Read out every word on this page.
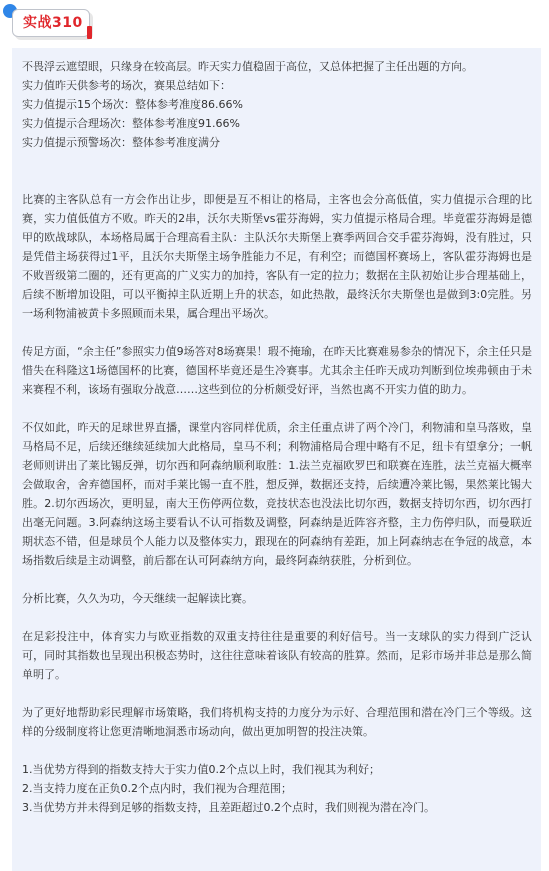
实战310

不畏浮云遮望眼，只缘身在较高层。昨天实力值稳固于高位，又总体把握了主任出题的方向。

实力值昨天供参考的场次，赛果总结如下：

实力值提示15个场次：整体参考准度86.66%

实力值提示合理场次：整体参考准度91.66%

实力值提示预警场次：整体参考准度满分

比赛的主客队总有一方会作出让步，即便是互不相让的格局，主客也会分高低值，实力值提示合理的比赛，实力值低值方不败。昨天的2串，沃尔夫斯堡vs霍芬海姆，实力值提示格局合理。毕竟霍芬海姆是德甲的欧战球队，本场格局属于合理高看主队：主队沃尔夫斯堡上赛季两回合交手霍芬海姆，没有胜过，只是凭借主场获得过1平，且沃尔夫斯堡主场争胜能力不足，有利空；而德国杯赛场上，客队霍芬海姆也是不败晋级第二圈的，还有更高的广义实力的加持，客队有一定的拉力；数据在主队初始让步合理基础上，后续不断增加设阻，可以平衡掉主队近期上升的状态，如此热散，最终沃尔夫斯堡也是做到3:0完胜。另一场利物浦被黄卡多照顾而未果，属合理出平场次。

传足方面，“余主任”参照实力值9场答对8场赛果！瑕不掩瑜，在昨天比赛难易参杂的情况下，余主任只是惜失在科隆这1场德国杯的比赛，德国杯毕竟还是生冷赛事。尤其余主任昨天成功判断到位埃弗顿由于未来赛程不利，该场有强取分战意……这些到位的分析颇受好评，当然也离不开实力值的助力。

不仅如此，昨天的足球世界直播，课堂内容同样优质，余主任重点讲了两个冷门，利物浦和皇马落败，皇马格局不足，后续还继续延续加大此格局，皇马不利；利物浦格局合理中略有不足，纽卡有望拿分；一帆老师则讲出了莱比锡反弹，切尔西和阿森纳顺利取胜：1.法兰克福欧罗巴和联赛在连胜，法兰克福大概率会做取舍，舍弃德国杯，而对手莱比锡一直不胜，想反弹，数据还支持，后续遭冷莱比锡，果然莱比锡大胜。2.切尔西场次，更明显，南大王伤停两位数，竞技状态也没法比切尔西，数据支持切尔西，切尔西打出毫无问题。3.阿森纳这场主要看认不认可指数及调整，阿森纳是近阵容齐整，主力伤停归队，而曼联近期状态不错，但是球员个人能力以及整体实力，跟现在的阿森纳有差距，加上阿森纳志在争冠的战意，本场指数后续是主动调整，前后都在认可阿森纳方向，最终阿森纳获胜，分析到位。

分析比赛，久久为功，今天继续一起解读比赛。

在足彩投注中，体育实力与欧亚指数的双重支持往往是重要的利好信号。当一支球队的实力得到广泛认可，同时其指数也呈现出积极态势时，这往往意味着该队有较高的胜算。然而，足彩市场并非总是那么简单明了。

为了更好地帮助彩民理解市场策略，我们将机构支持的力度分为示好、合理范围和潜在冷门三个等级。这样的分级制度将让您更清晰地洞悉市场动向，做出更加明智的投注决策。

1.当优势方得到的指数支持大于实力值0.2个点以上时，我们视其为利好；

2.当支持力度在正负0.2个点内时，我们视为合理范围；

3.当优势方并未得到足够的指数支持，且差距超过0.2个点时，我们则视为潜在冷门。
